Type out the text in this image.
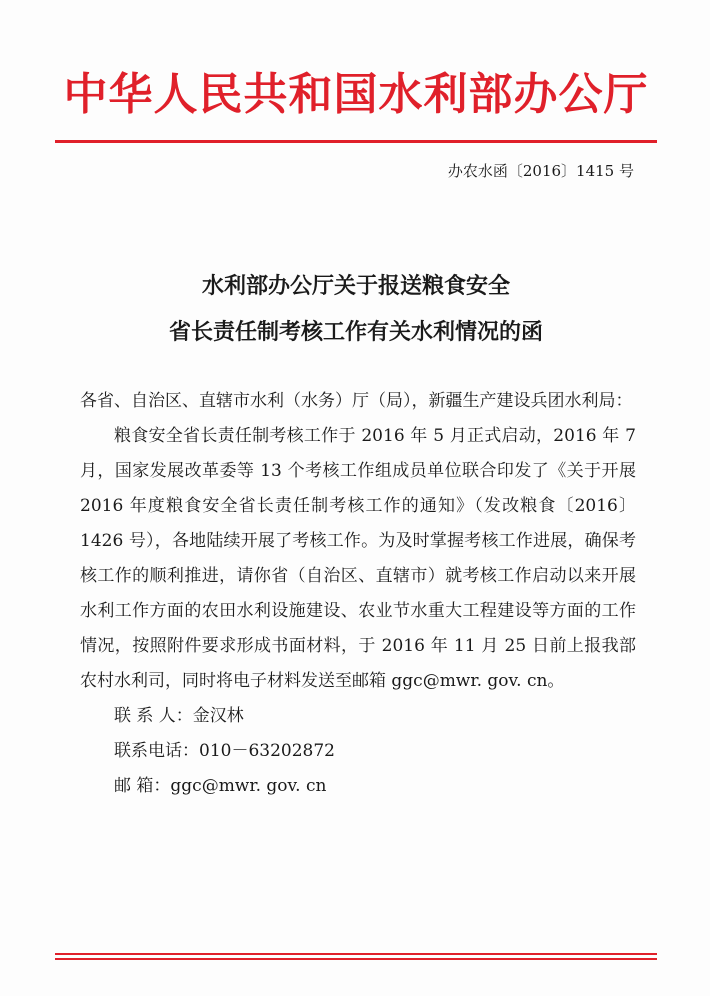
中华人民共和国水利部办公厅
办农水函〔2016〕1415 号
水利部办公厅关于报送粮食安全
省长责任制考核工作有关水利情况的函

各省、自治区、直辖市水利（水务）厅（局），新疆生产建设兵团水利局：

粮食安全省长责任制考核工作于 2016 年 5 月正式启动，2016 年 7 月，国家发展改革委等 13 个考核工作组成员单位联合印发了《关于开展 2016 年度粮食安全省长责任制考核工作的通知》（发改粮食〔2016〕1426 号），各地陆续开展了考核工作。为及时掌握考核工作进展，确保考核工作的顺利推进，请你省（自治区、直辖市）就考核工作启动以来开展水利工作方面的农田水利设施建设、农业节水重大工程建设等方面的工作情况，按照附件要求形成书面材料，于 2016 年 11 月 25 日前上报我部农村水利司，同时将电子材料发送至邮箱 ggc@mwr. gov. cn。

联 系 人：金汉林

联系电话：010－63202872

邮 箱：ggc@mwr. gov. cn
